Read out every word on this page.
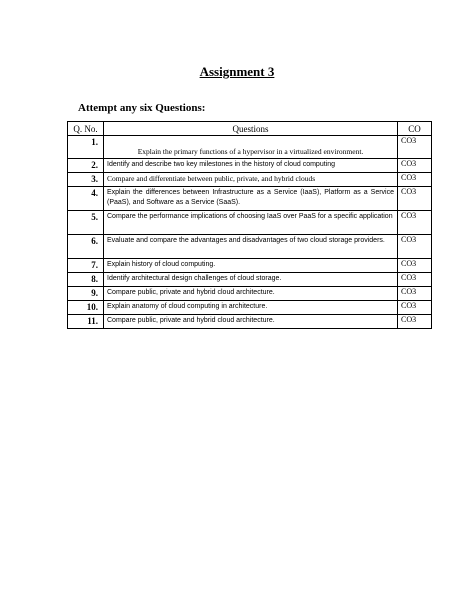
Assignment 3
Attempt any six Questions:
Q. No.	Questions	CO
1.	Explain the primary functions of a hypervisor in a virtualized environment.	CO3
2.	Identify and describe two key milestones in the history of cloud computing	CO3
3.	Compare and differentiate between public, private, and hybrid clouds	CO3
4.	Explain the differences between Infrastructure as a Service (IaaS), Platform as a Service (PaaS), and Software as a Service (SaaS).	CO3
5.	Compare the performance implications of choosing IaaS over PaaS for a specific application	CO3
6.	Evaluate and compare the advantages and disadvantages of two cloud storage providers.	CO3
7.	Explain history of cloud computing.	CO3
8.	Identify architectural design challenges of cloud storage.	CO3
9.	Compare public, private and hybrid cloud architecture.	CO3
10.	Explain anatomy of cloud computing in architecture.	CO3
11.	Compare public, private and hybrid cloud architecture.	CO3
